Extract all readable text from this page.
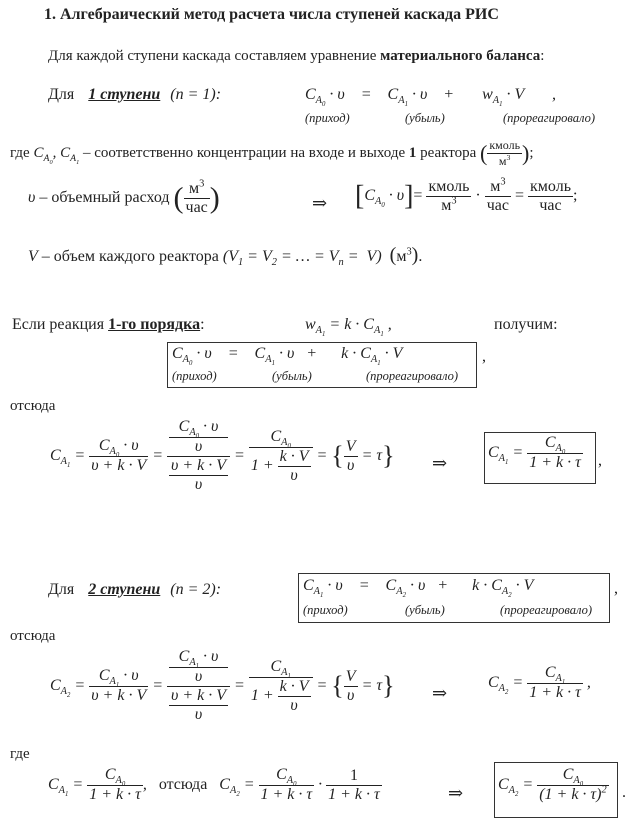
1. Алгебраический метод расчета числа ступеней каскада РИС
Для каждой ступени каскада составляем уравнение материального баланса:
Для 1 ступени (n = 1):	$C_{A_0} \cdot \upsilon$    =    $C_{A_1} \cdot \upsilon$    +       $w_{A_1} \cdot V$       ,
(приход)	(убыль)	(прореагировало)
где $C_{A_0}$, $C_{A_1}$ – соответственно концентрации на входе и выходе 1 реактора ( $\frac{\text{кмоль}}{м^3}$ );
υ – объемный расход ( $\frac{м^3}{\text{час}}$ )	⇒ $[C_{A_0} \cdot \upsilon]= \frac{\text{кмоль}}{м^3} \cdot \frac{м^3}{\text{час}} = \frac{\text{кмоль}}{\text{час}}$ ;
V – объем каждого реактора ($V_1 = V_2$ = … = $V_n = V$) $(м^3)$.
Если реакция 1-го порядка:	$w_{A_1} = k \cdot C_{A_1}$ ,	получим:
$C_{A_0} \cdot \upsilon$    =    $C_{A_1} \cdot \upsilon$   +      $k \cdot C_{A_1} \cdot V$	,
(приход)	(убыль)	(прореагировало)
отсюда
$C_{A_1} = \frac{C_{A_0} \cdot \upsilon}{\upsilon + k \cdot V} = C_{A_0} \cdot \upsilon$
υ
υ + k · V
$\upsilon = \frac{C_{A_0}}{1 + \frac{k \cdot V}{\upsilon}}$ = { $\frac{V}{\upsilon} = \tau$} ⇒
$C_{A_1} = \frac{C_{A_0}}{1 + k \cdot \tau}$ ,
Для 2 ступени (n = 2):	$C_{A_1} \cdot \upsilon$    =    $C_{A_2} \cdot \upsilon$   +      $k \cdot C_{A_2} \cdot V$	,
(приход)	(убыль)	(прореагировало)
отсюда
$C_{A_2} = \frac{C_{A_1} \cdot \upsilon}{\upsilon + k \cdot V} = C_{A_1} \cdot \upsilon$
υ
υ + k · V
$\upsilon = \frac{C_{A_1}}{1 + \frac{k \cdot V}{\upsilon}}$ = { $\frac{V}{\upsilon} = \tau$} ⇒
$C_{A_2} = \frac{C_{A_1}}{1 + k \cdot \tau}$ ,
где
$C_{A_1} = \frac{C_{A_0}}{1 + k \cdot \tau}$ , отсюда $C_{A_2} = \frac{C_{A_0}}{1 + k \cdot \tau} \cdot \frac{1}{1 + k \cdot \tau}$	⇒ $C_{A_2} = \frac{C_{A_0}}{(1 + k \cdot \tau)^2}$ .
